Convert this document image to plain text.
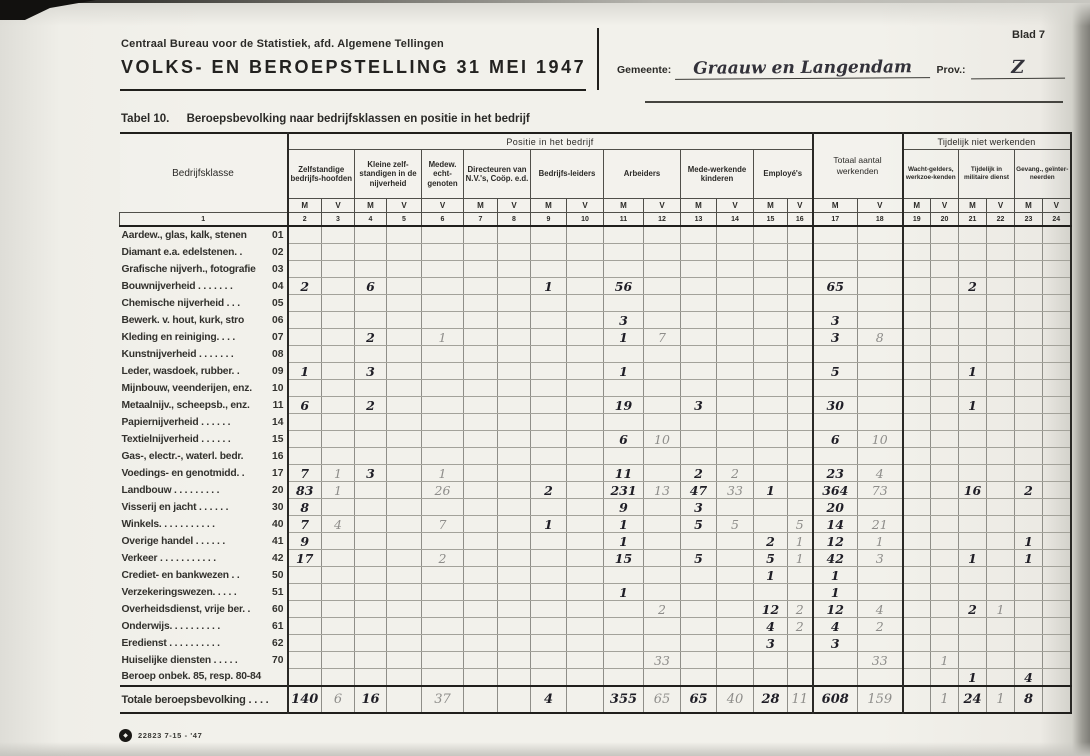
Centraal Bureau voor de Statistiek, afd. Algemene Tellingen
VOLKS- EN BEROEPSTELLING 31 MEI 1947
Blad 7
Gemeente:	Graauw en Langendam	Prov.:	Z
Tabel 10. Beroepsbevolking naar bedrijfsklassen en positie in het bedrijf
Bedrijfsklasse	Positie in het bedrijf															Totaal aantal werkenden		Tijdelijk niet werkenden					
	Zelfstandige bedrijfs-hoofden		Kleine zelf-standigen in de nijverheid		Medew. echt-genoten	Directeuren van N.V.'s, Coöp. e.d.		Bedrijfs-leiders		Arbeiders		Mede-werkende kinderen		Employé's				Wacht-gelders, werkzoe-kenden		Tijdelijk in militaire dienst		Gevang., geïnter-neerden	
	M	V	M	V	V	M	V	M	V	M	V	M	V	M	V	M	V	M	V	M	V	M	V
1	2	3	4	5	6	7	8	9	10	11	12	13	14	15	16	17	18	19	20	21	22	23	24

Aardew., glas, kalk, stenen 01																							

Diamant e.a. edelstenen. . 02																							

Grafische nijverh., fotografie 03																							

Bouwnijverheid . . . . . . . 04	2		6					1		56						65				2			

Chemische nijverheid . . . 05																							

Bewerk. v. hout, kurk, stro 06										3						3							

Kleding en reiniging. . . . 07			2		1					1	7					3	8						

Kunstnijverheid . . . . . . . 08																							

Leder, wasdoek, rubber. . 09	1		3							1						5				1			

Mijnbouw, veenderijen, enz. 10																							

Metaalnijv., scheepsb., enz. 11	6		2							19		3				30				1			

Papiernijverheid . . . . . . 14																							

Textielnijverheid . . . . . . 15										6	10					6	10						

Gas-, electr.-, waterl. bedr. 16																							

Voedings- en genotmidd. . 17	7	1	3		1					11		2	2			23	4						

Landbouw . . . . . . . . . 20	83	1			26			2		231	13	47	33	1		364	73			16		2	

Visserij en jacht . . . . . . 30	8									9		3				20							

Winkels. . . . . . . . . . . 40	7	4			7			1		1		5	5		5	14	21						

Overige handel . . . . . . 41	9									1				2	1	12	1					1	

Verkeer . . . . . . . . . . . 42	17				2					15		5		5	1	42	3			1		1	

Crediet- en bankwezen . . 50														1		1							

Verzekeringswezen. . . . . 51										1						1							

Overheidsdienst, vrije ber. . 60											2			12	2	12	4			2	1		

Onderwijs. . . . . . . . . . 61														4	2	4	2						

Eredienst . . . . . . . . . . 62														3		3							

Huiselijke diensten . . . . . 70											33						33		1				

Beroep onbek. 85, resp. 80-84																				1		4	

Totale beroepsbevolking . . . .	140	6	16		37			4		355	65	65	40	28	11	608	159		1	24	1	8	
◆	22823 7-15 - '47
